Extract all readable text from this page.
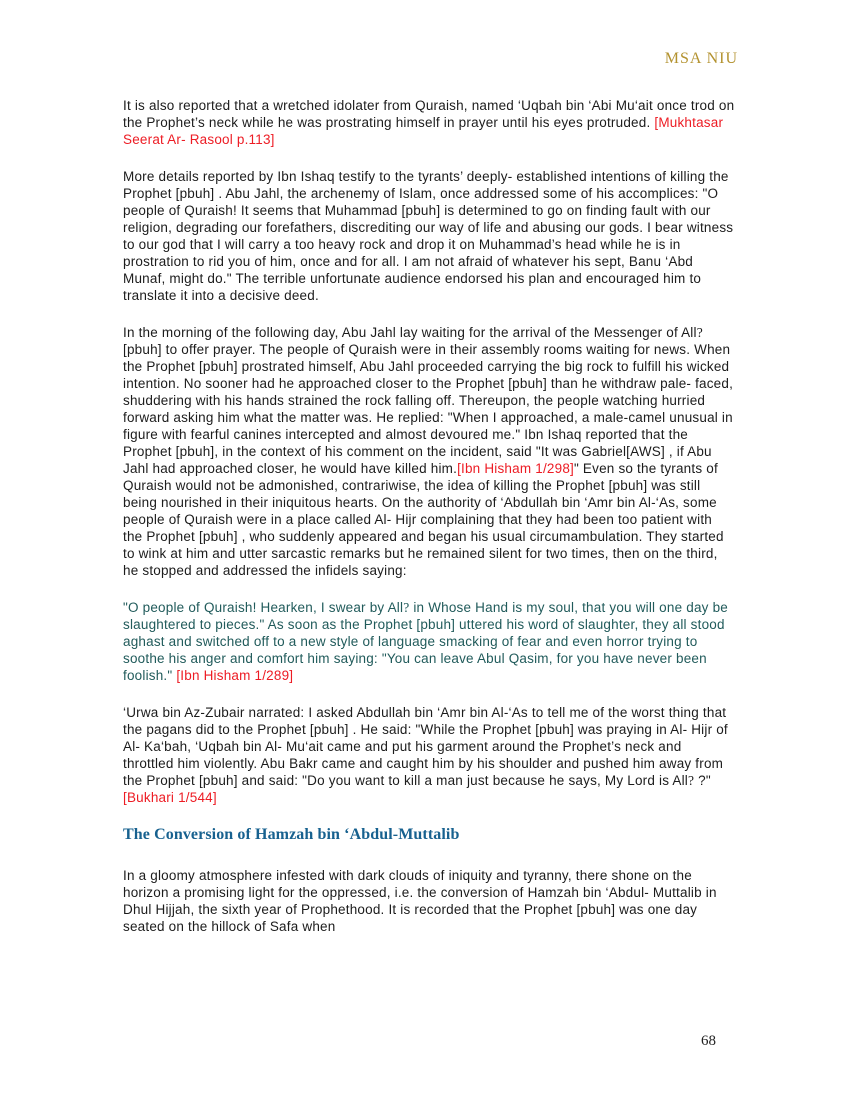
MSA NIU

It is also reported that a wretched idolater from Quraish, named ‘Uqbah bin ‘Abi Mu‘ait once trod on the Prophet’s neck while he was prostrating himself in prayer until his eyes protruded. [Mukhtasar Seerat Ar- Rasool p.113]

More details reported by Ibn Ishaq testify to the tyrants’ deeply- established intentions of killing the Prophet [pbuh] . Abu Jahl, the archenemy of Islam, once addressed some of his accomplices: "O people of Quraish! It seems that Muhammad [pbuh] is determined to go on finding fault with our religion, degrading our forefathers, discrediting our way of life and abusing our gods. I bear witness to our god that I will carry a too heavy rock and drop it on Muhammad’s head while he is in prostration to rid you of him, once and for all. I am not afraid of whatever his sept, Banu ‘Abd Munaf, might do." The terrible unfortunate audience endorsed his plan and encouraged him to translate it into a decisive deed.

In the morning of the following day, Abu Jahl lay waiting for the arrival of the Messenger of All? [pbuh] to offer prayer. The people of Quraish were in their assembly rooms waiting for news. When the Prophet [pbuh] prostrated himself, Abu Jahl proceeded carrying the big rock to fulfill his wicked intention. No sooner had he approached closer to the Prophet [pbuh] than he withdraw pale- faced, shuddering with his hands strained the rock falling off. Thereupon, the people watching hurried forward asking him what the matter was. He replied: "When I approached, a male-camel unusual in figure with fearful canines intercepted and almost devoured me." Ibn Ishaq reported that the Prophet [pbuh], in the context of his comment on the incident, said "It was Gabriel[AWS] , if Abu Jahl had approached closer, he would have killed him.[Ibn Hisham 1/298]" Even so the tyrants of Quraish would not be admonished, contrariwise, the idea of killing the Prophet [pbuh] was still being nourished in their iniquitous hearts. On the authority of ‘Abdullah bin ‘Amr bin Al-‘As, some people of Quraish were in a place called Al- Hijr complaining that they had been too patient with the Prophet [pbuh] , who suddenly appeared and began his usual circumambulation. They started to wink at him and utter sarcastic remarks but he remained silent for two times, then on the third, he stopped and addressed the infidels saying:

"O people of Quraish! Hearken, I swear by All? in Whose Hand is my soul, that you will one day be slaughtered to pieces." As soon as the Prophet [pbuh] uttered his word of slaughter, they all stood aghast and switched off to a new style of language smacking of fear and even horror trying to soothe his anger and comfort him saying: "You can leave Abul Qasim, for you have never been foolish." [Ibn Hisham 1/289]

‘Urwa bin Az-Zubair narrated: I asked Abdullah bin ‘Amr bin Al-‘As to tell me of the worst thing that the pagans did to the Prophet [pbuh] . He said: "While the Prophet [pbuh] was praying in Al- Hijr of Al- Ka‘bah, ‘Uqbah bin Al- Mu‘ait came and put his garment around the Prophet’s neck and throttled him violently. Abu Bakr came and caught him by his shoulder and pushed him away from the Prophet [pbuh] and said: "Do you want to kill a man just because he says, My Lord is All? ?" [Bukhari 1/544]

The Conversion of Hamzah bin ‘Abdul-Muttalib

In a gloomy atmosphere infested with dark clouds of iniquity and tyranny, there shone on the horizon a promising light for the oppressed, i.e. the conversion of Hamzah bin ‘Abdul- Muttalib in Dhul Hijjah, the sixth year of Prophethood. It is recorded that the Prophet [pbuh] was one day seated on the hillock of Safa when

68
